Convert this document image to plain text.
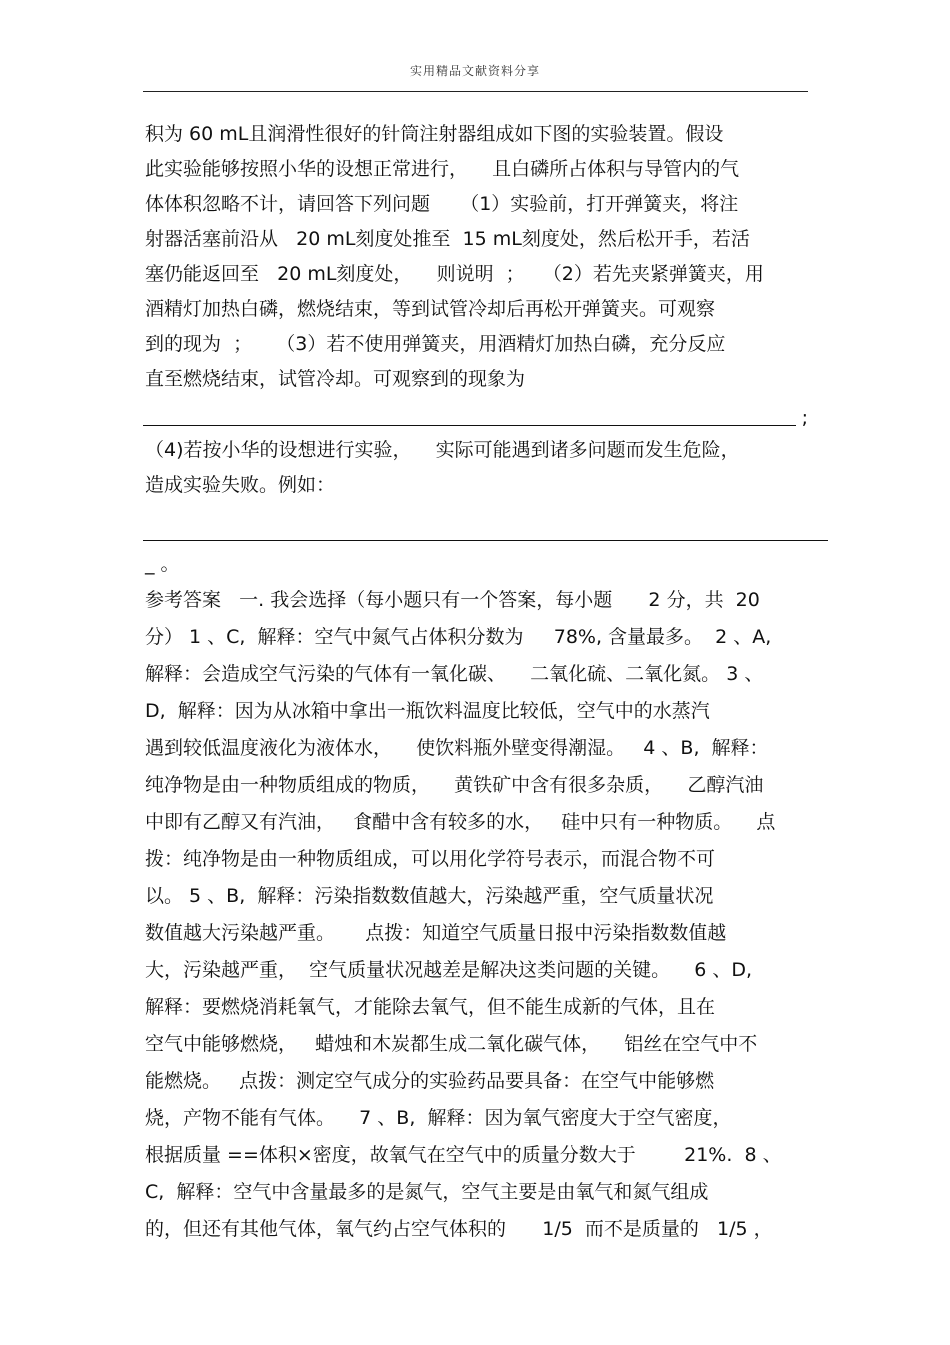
实用精品文献资料分享
积为 60 mL且润滑性很好的针筒注射器组成如下图的实验装置。假设
此实验能够按照小华的设想正常进行，    且白磷所占体积与导管内的气
体体积忽略不计，请回答下列问题     （1）实验前，打开弹簧夹，将注
射器活塞前沿从   20 mL刻度处推至  15 mL刻度处，然后松开手，若活
塞仍能返回至   20 mL刻度处，    则说明  ；   （2）若先夹紧弹簧夹，用
酒精灯加热白磷，燃烧结束，等到试管冷却后再松开弹簧夹。可观察
到的现为  ；    （3）若不使用弹簧夹，用酒精灯加热白磷，充分反应
直至燃烧结束，试管冷却。可观察到的现象为
;
（4)若按小华的设想进行实验，    实际可能遇到诸多问题而发生危险，
造成实验失败。例如：
_ 。
参考答案   一. 我会选择（每小题只有一个答案，每小题      2 分，共  20
分） 1 、C,  解释：空气中氮气占体积分数为     78%, 含量最多。  2 、A,
解释：会造成空气污染的气体有一氧化碳、    二氧化硫、二氧化氮。 3 、
D,  解释：因为从冰箱中拿出一瓶饮料温度比较低，空气中的水蒸汽
遇到较低温度液化为液体水，    使饮料瓶外壁变得潮湿。   4 、B,  解释：
纯净物是由一种物质组成的物质，    黄铁矿中含有很多杂质，    乙醇汽油
中即有乙醇又有汽油，   食醋中含有较多的水，   硅中只有一种物质。    点
拨：纯净物是由一种物质组成，可以用化学符号表示，而混合物不可
以。 5 、B,  解释：污染指数数值越大，污染越严重，空气质量状况
数值越大污染越严重。     点拨：知道空气质量日报中污染指数数值越
大，污染越严重，  空气质量状况越差是解决这类问题的关键。    6 、D,
解释：要燃烧消耗氧气，才能除去氧气，但不能生成新的气体，且在
空气中能够燃烧，   蜡烛和木炭都生成二氧化碳气体，    铝丝在空气中不
能燃烧。   点拨：测定空气成分的实验药品要具备：在空气中能够燃
烧，产物不能有气体。    7 、B,  解释：因为氧气密度大于空气密度，
根据质量 ==体积×密度，故氧气在空气中的质量分数大于        21%.  8 、
C,  解释：空气中含量最多的是氮气，空气主要是由氧气和氮气组成
的，但还有其他气体，氧气约占空气体积的      1/5  而不是质量的   1/5 ，
